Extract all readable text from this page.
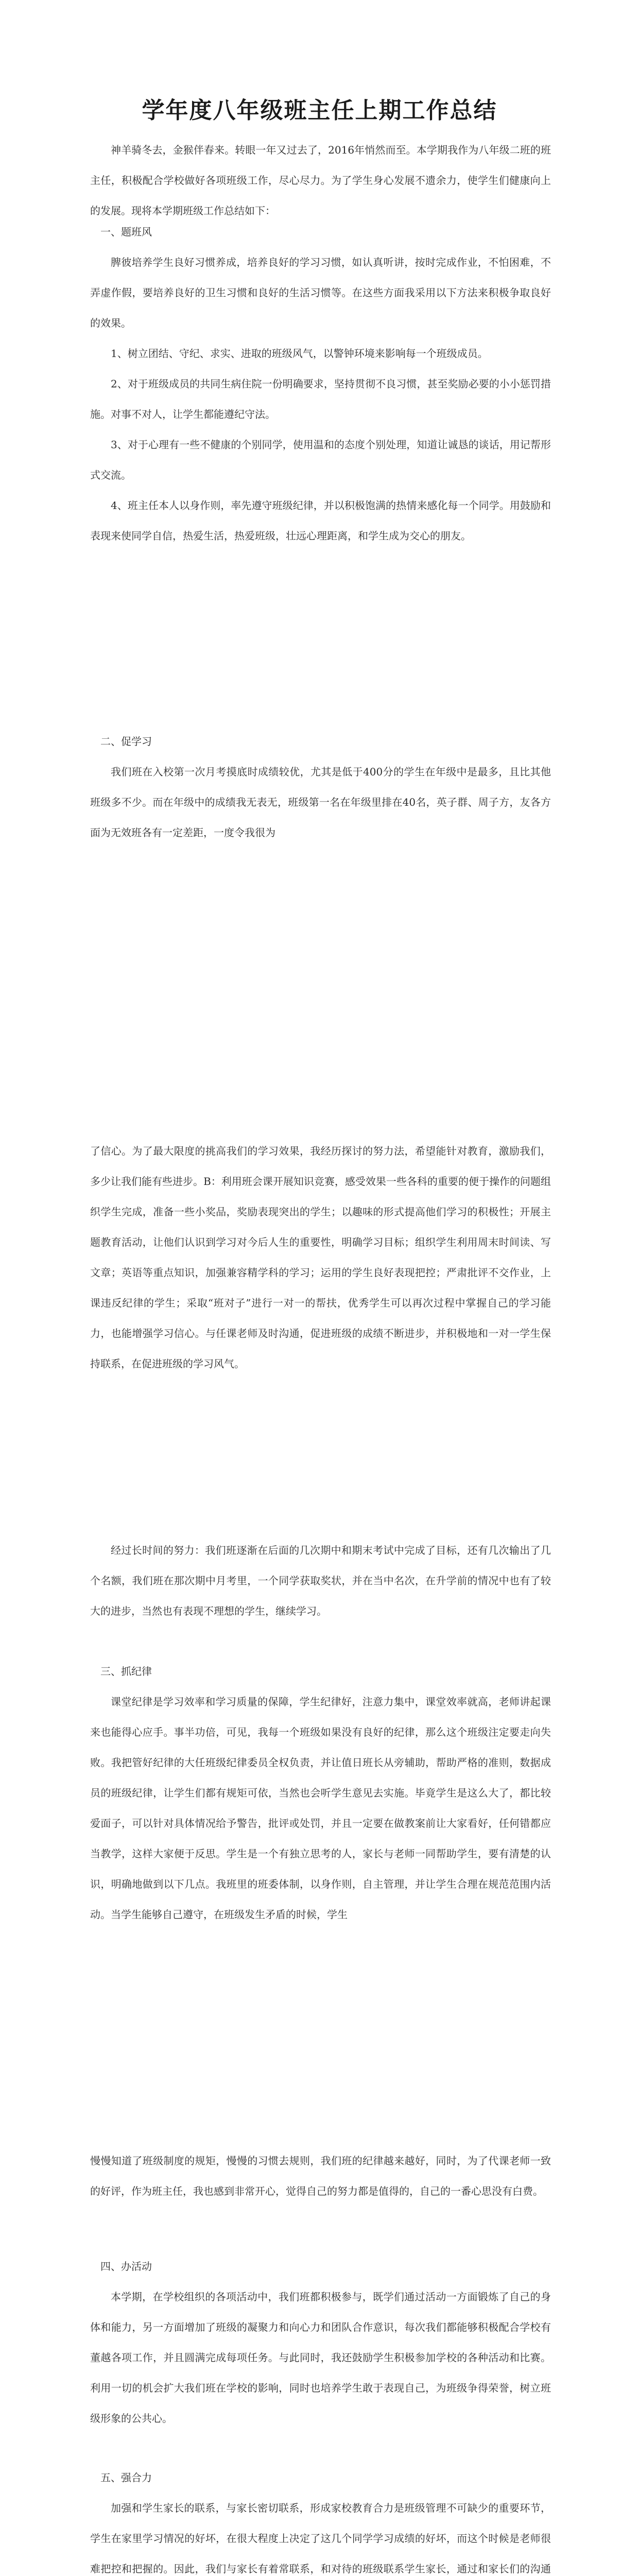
学年度八年级班主任上期工作总结

神羊骑冬去，金猴伴春来。转眼一年又过去了，2016年悄然而至。本学期我作为八年级二班的班主任，积极配合学校做好各项班级工作，尽心尽力。为了学生身心发展不遗余力，使学生们健康向上的发展。现将本学期班级工作总结如下：

一、题班风

脾彼培养学生良好习惯养成，培养良好的学习习惯，如认真听讲，按时完成作业，不怕困难，不弄虚作假，要培养良好的卫生习惯和良好的生活习惯等。在这些方面我采用以下方法来积极争取良好的效果。

1、树立团结、守纪、求实、进取的班级风气，以警钟环境来影响每一个班级成员。

2、对于班级成员的共同生病住院一份明确要求，坚持贯彻不良习惯，甚至奖励必要的小小惩罚措施。对事不对人，让学生都能遵纪守法。

3、对于心理有一些不健康的个别同学，使用温和的态度个别处理，知道让诚恳的谈话，用记帮形式交流。

4、班主任本人以身作则，率先遵守班级纪律，并以积极饱满的热情来感化每一个同学。用鼓励和表现来使同学自信，热爱生活，热爱班级，壮远心理距离，和学生成为交心的朋友。

二、促学习

我们班在入校第一次月考摸底时成绩较优，尤其是低于400分的学生在年级中是最多，且比其他班级多不少。而在年级中的成绩我无表无，班级第一名在年级里排在40名，英子群、周子方，友各方面为无效班各有一定差距，一度令我很为

了信心。为了最大限度的挑高我们的学习效果，我经历探讨的努力法，希望能针对教育，激励我们，多少让我们能有些进步。B：利用班会课开展知识竞赛，感受效果一些各科的重要的便于操作的问题组织学生完成，准备一些小奖品，奖励表现突出的学生；以趣味的形式提高他们学习的积极性；开展主题教育活动，让他们认识到学习对今后人生的重要性，明确学习目标；组织学生利用周末时间读、写文章；英语等重点知识，加强兼容精学科的学习；运用的学生良好表现把控；严肃批评不交作业，上课违反纪律的学生；采取“班对子”进行一对一的帮扶，优秀学生可以再次过程中掌握自己的学习能力，也能增强学习信心。与任课老师及时沟通，促进班级的成绩不断进步，并积极地和一对一学生保持联系，在促进班级的学习风气。

经过长时间的努力：我们班逐渐在后面的几次期中和期末考试中完成了目标，还有几次输出了几个名额，我们班在那次期中月考里，一个同学获取奖状，并在当中名次，在升学前的情况中也有了较大的进步，当然也有表现不理想的学生，继续学习。

三、抓纪律

课堂纪律是学习效率和学习质量的保障，学生纪律好，注意力集中，课堂效率就高，老师讲起课来也能得心应手。事半功倍，可见，我每一个班级如果没有良好的纪律，那么这个班级注定要走向失败。我把管好纪律的大任班级纪律委员全权负责，并让值日班长从旁辅助，帮助严格的准则，数据成员的班级纪律，让学生们都有规矩可依，当然也会听学生意见去实施。毕竟学生是这么大了，都比较爱面子，可以针对具体情况给予警告，批评或处罚，并且一定要在做教案前让大家看好，任何错都应当教学，这样大家便于反思。学生是一个有独立思考的人，家长与老师一同帮助学生，要有清楚的认识，明确地做到以下几点。我班里的班委体制，以身作则，自主管理，并让学生合理在规范范围内活动。当学生能够自己遵守，在班级发生矛盾的时候，学生

慢慢知道了班级制度的规矩，慢慢的习惯去规则，我们班的纪律越来越好，同时，为了代课老师一致的好评，作为班主任，我也感到非常开心，觉得自己的努力都是值得的，自己的一番心思没有白费。

四、办活动

本学期，在学校组织的各项活动中，我们班都积极参与，既学们通过活动一方面锻炼了自己的身体和能力，另一方面增加了班级的凝聚力和向心力和团队合作意识，每次我们都能够积极配合学校有董越各项工作，并且圆满完成每项任务。与此同时，我还鼓励学生积极参加学校的各种活动和比赛。利用一切的机会扩大我们班在学校的影响，同时也培养学生敢于表现自己，为班级争得荣誉，树立班级形象的公共心。

五、强合力

加强和学生家长的联系，与家长密切联系，形成家校教育合力是班级管理不可缺少的重要环节，学生在家里学习情况的好坏，在很大程度上决定了这几个同学学习成绩的好坏，而这个时候是老师很难把控和把握的。因此，我们与家长有着常联系，和对待的班级联系学生家长，通过和家长们的沟通
